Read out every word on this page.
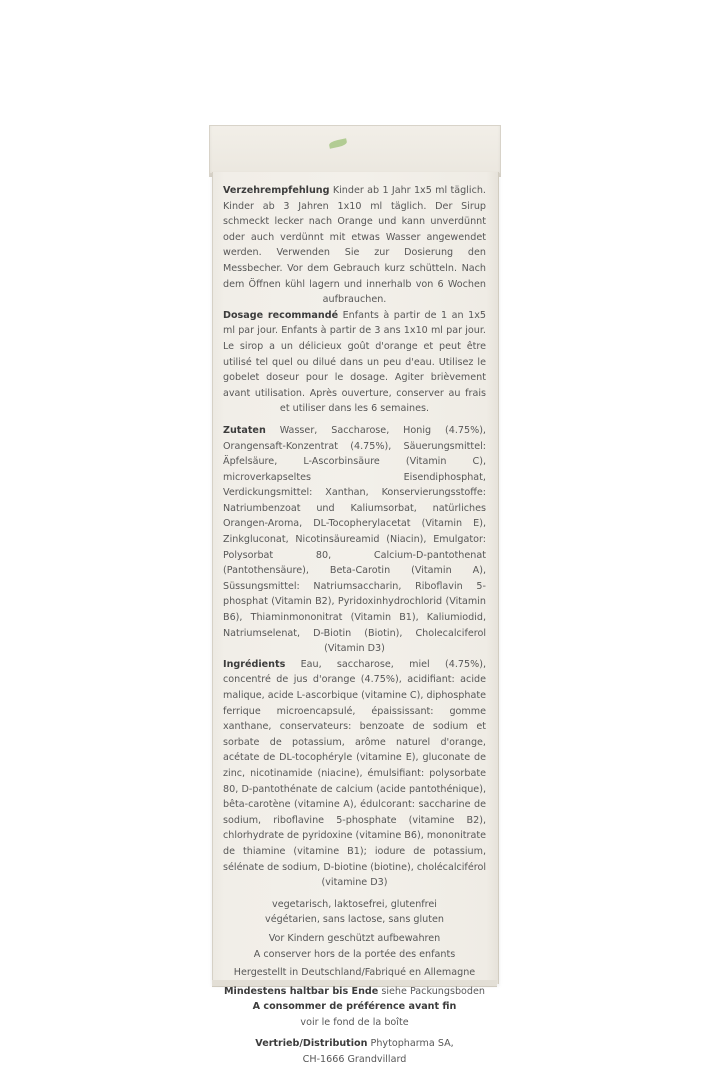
Verzehrempfehlung Kinder ab 1 Jahr 1x5 ml täglich. Kinder ab 3 Jahren 1x10 ml täglich. Der Sirup schmeckt lecker nach Orange und kann unverdünnt oder auch verdünnt mit etwas Wasser angewendet werden. Verwenden Sie zur Dosierung den Messbecher. Vor dem Gebrauch kurz schütteln. Nach dem Öffnen kühl lagern und innerhalb von 6 Wochen aufbrauchen.

Dosage recommandé Enfants à partir de 1 an 1x5 ml par jour. Enfants à partir de 3 ans 1x10 ml par jour. Le sirop a un délicieux goût d'orange et peut être utilisé tel quel ou dilué dans un peu d'eau. Utilisez le gobelet doseur pour le dosage. Agiter brièvement avant utilisation. Après ouverture, conserver au frais et utiliser dans les 6 semaines.

Zutaten Wasser, Saccharose, Honig (4.75%), Orangensaft-Konzentrat (4.75%), Säuerungsmittel: Äpfelsäure, L-Ascorbinsäure (Vitamin C), microverkapseltes Eisendiphosphat, Verdickungsmittel: Xanthan, Konservierungsstoffe: Natriumbenzoat und Kaliumsorbat, natürliches Orangen-Aroma, DL-Tocopherylacetat (Vitamin E), Zinkgluconat, Nicotinsäureamid (Niacin), Emulgator: Polysorbat 80, Calcium-D-pantothenat (Pantothensäure), Beta-Carotin (Vitamin A), Süssungsmittel: Natriumsaccharin, Riboflavin 5-phosphat (Vitamin B2), Pyridoxinhydrochlorid (Vitamin B6), Thiaminmononitrat (Vitamin B1), Kaliumiodid, Natriumselenat, D-Biotin (Biotin), Cholecalciferol (Vitamin D3)

Ingrédients Eau, saccharose, miel (4.75%), concentré de jus d'orange (4.75%), acidifiant: acide malique, acide L-ascorbique (vitamine C), diphosphate ferrique microencapsulé, épaississant: gomme xanthane, conservateurs: benzoate de sodium et sorbate de potassium, arôme naturel d'orange, acétate de DL-tocophéryle (vitamine E), gluconate de zinc, nicotinamide (niacine), émulsifiant: polysorbate 80, D-pantothénate de calcium (acide pantothénique), bêta-carotène (vitamine A), édulcorant: saccharine de sodium, riboflavine 5-phosphate (vitamine B2), chlorhydrate de pyridoxine (vitamine B6), mononitrate de thiamine (vitamine B1); iodure de potassium, sélénate de sodium, D-biotine (biotine), cholécalciférol (vitamine D3)

vegetarisch, laktosefrei, glutenfrei

végétarien, sans lactose, sans gluten

Vor Kindern geschützt aufbewahren

A conserver hors de la portée des enfants

Hergestellt in Deutschland/Fabriqué en Allemagne

Mindestens haltbar bis Ende siehe Packungsboden

A consommer de préférence avant fin

voir le fond de la boîte

Vertrieb/Distribution Phytopharma SA,

CH-1666 Grandvillard
